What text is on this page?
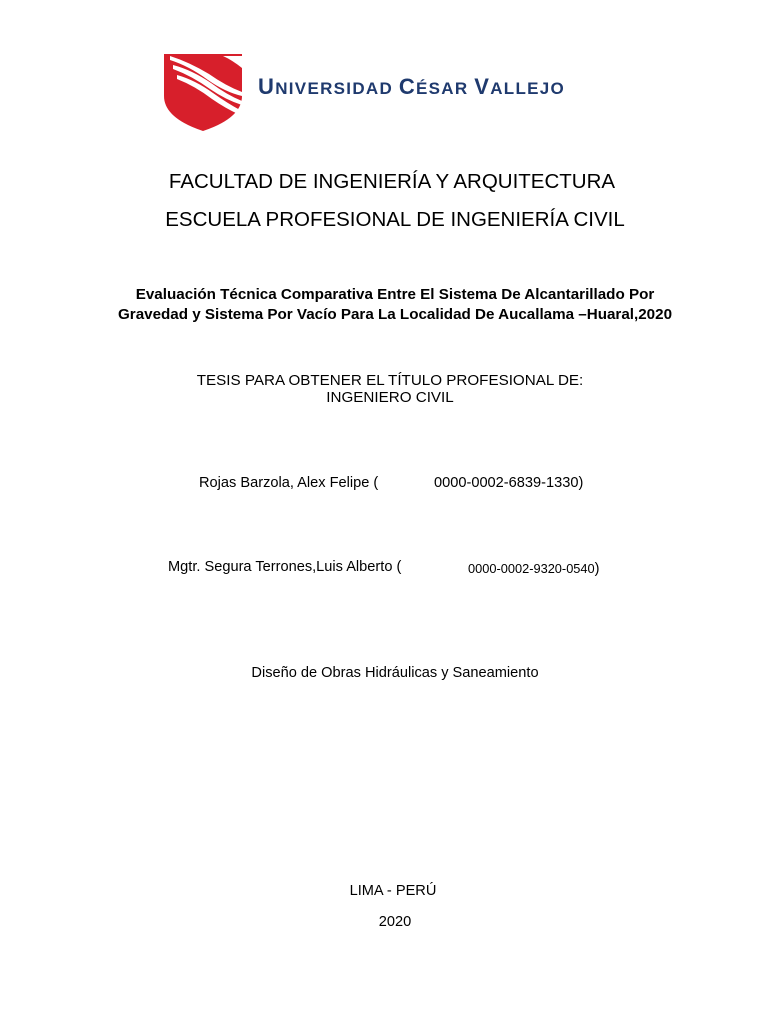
UNIVERSIDAD CÉSAR VALLEJO
FACULTAD DE INGENIERÍA Y ARQUITECTURA
ESCUELA PROFESIONAL DE INGENIERÍA CIVIL
Evaluación Técnica Comparativa Entre El Sistema De Alcantarillado Por
Gravedad y Sistema Por Vacío Para La Localidad De Aucallama –Huaral,2020
TESIS PARA OBTENER EL TÍTULO PROFESIONAL DE:
INGENIERO CIVIL
Rojas Barzola, Alex Felipe (	0000-0002-6839-1330)
Mgtr. Segura Terrones,Luis Alberto (	0000-0002-9320-0540)
Diseño de Obras Hidráulicas y Saneamiento
LIMA - PERÚ
2020
